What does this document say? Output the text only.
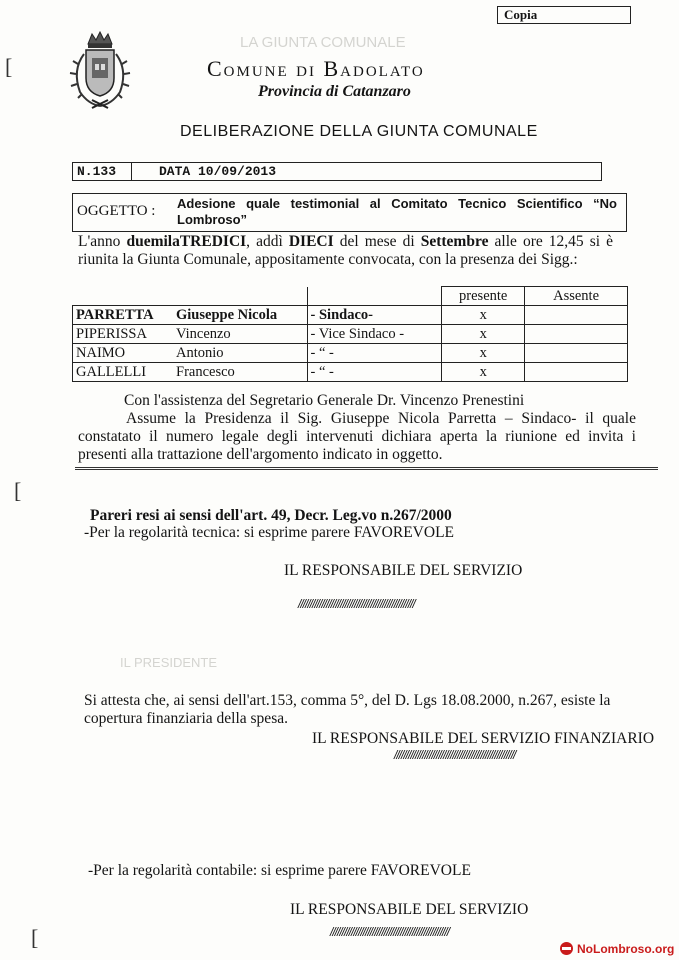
LA GIUNTA COMUNALE
Copia
[
[
[
Comune di Badolato
Provincia di Catanzaro
DELIBERAZIONE DELLA GIUNTA COMUNALE
N.133	DATA 10/09/2013
OGGETTO : Adesione quale testimonial al Comitato Tecnico Scientifico “No Lombroso”
L'anno duemilaTREDICI, addì DIECI del mese di Settembre alle ore 12,45 si è riunita la Giunta Comunale, appositamente convocata, con la presenza dei Sigg.:
		presente	Assente
PARRETTA Giuseppe Nicola	- Sindaco-	x	
PIPERISSA Vincenzo	- Vice Sindaco -	x	
NAIMO Antonio	- “ -	x	
GALLELLI Francesco	- “ -	x	
Con l'assistenza del Segretario Generale Dr. Vincenzo Prenestini
Assume la Presidenza il Sig. Giuseppe Nicola Parretta – Sindaco- il quale constatato il numero legale degli intervenuti dichiara aperta la riunione ed invita i presenti alla trattazione dell'argomento indicato in oggetto.
Pareri resi ai sensi dell'art. 49, Decr. Leg.vo n.267/2000
-Per la regolarità tecnica: si esprime parere FAVOREVOLE
IL RESPONSABILE DEL SERVIZIO
//////////////////////////////////////////////////
IL PRESIDENTE
Si attesta che, ai sensi dell'art.153, comma 5°, del D. Lgs 18.08.2000, n.267, esiste la copertura finanziaria della spesa.
IL RESPONSABILE DEL SERVIZIO FINANZIARIO
////////////////////////////////////////////////////
-Per la regolarità contabile: si esprime parere FAVOREVOLE
IL RESPONSABILE DEL SERVIZIO
///////////////////////////////////////////////////
NoLombroso.org
